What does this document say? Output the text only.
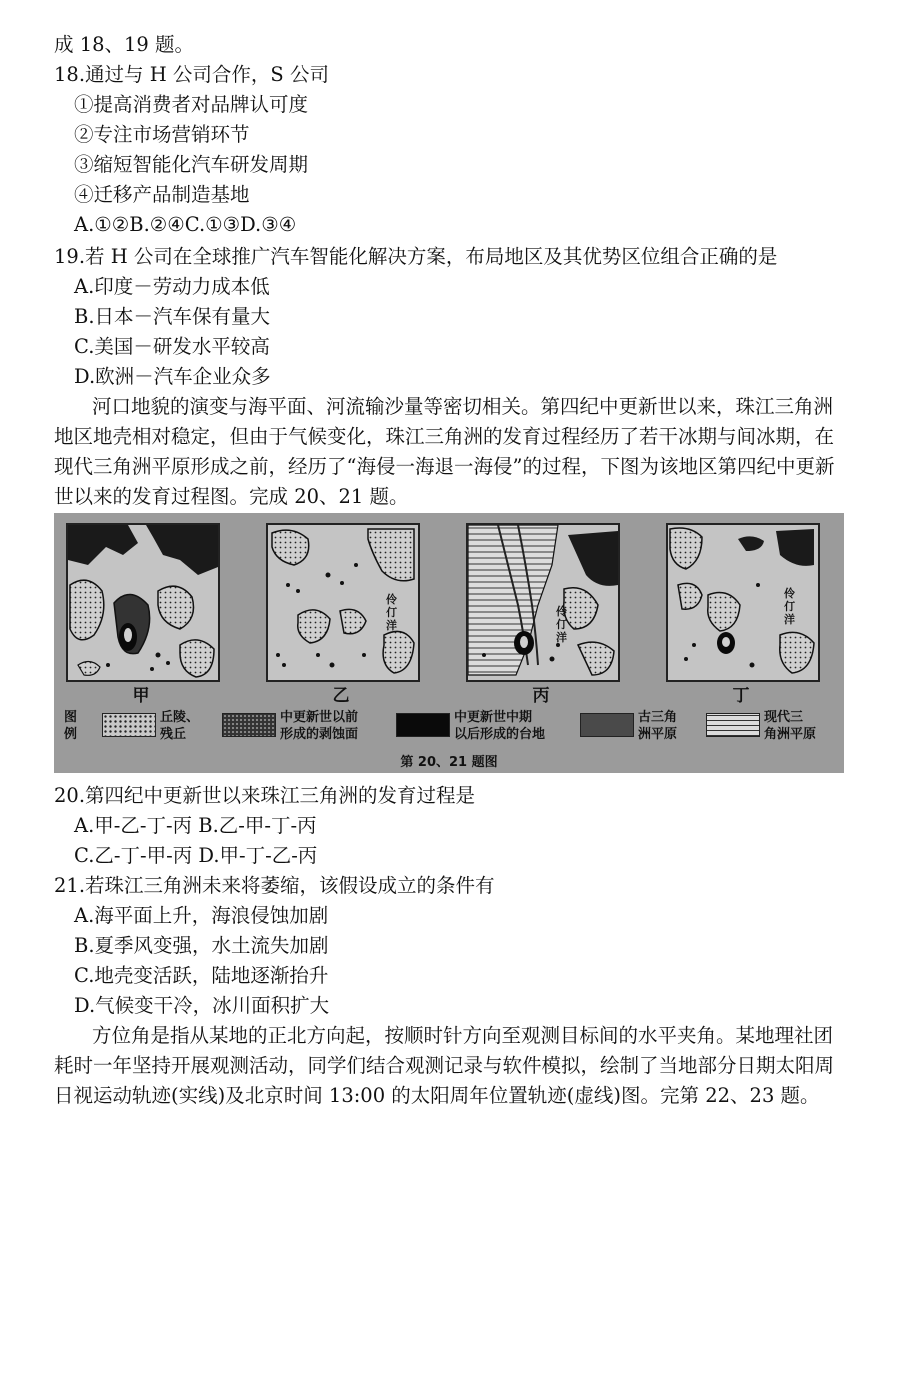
成 18、19 题。
18.通过与 H 公司合作，S 公司
①提高消费者对品牌认可度
②专注市场营销环节
③缩短智能化汽车研发周期
④迁移产品制造基地
A.①②B.②④C.①③D.③④
19.若 H 公司在全球推广汽车智能化解决方案，布局地区及其优势区位组合正确的是
A.印度－劳动力成本低
B.日本－汽车保有量大
C.美国－研发水平较高
D.欧洲－汽车企业众多
河口地貌的演变与海平面、河流输沙量等密切相关。第四纪中更新世以来，珠江三角洲
地区地壳相对稳定，但由于气候变化，珠江三角洲的发育过程经历了若干冰期与间冰期，在
现代三角洲平原形成之前，经历了“海侵一海退一海侵”的过程，下图为该地区第四纪中更新
世以来的发育过程图。完成 20、21 题。
甲
伶仃洋
乙
伶仃洋
丙
伶仃洋
丁
图
例
丘陵、
残丘
中更新世以前
形成的剥蚀面
中更新世中期
以后形成的台地
古三角
洲平原
现代三
角洲平原
第 20、21 题图
20.第四纪中更新世以来珠江三角洲的发育过程是
A.甲-乙-丁-丙 B.乙-甲-丁-丙
C.乙-丁-甲-丙 D.甲-丁-乙-丙
21.若珠江三角洲未来将萎缩，该假设成立的条件有
A.海平面上升，海浪侵蚀加剧
B.夏季风变强，水土流失加剧
C.地壳变活跃，陆地逐渐抬升
D.气候变干冷，冰川面积扩大
方位角是指从某地的正北方向起，按顺时针方向至观测目标间的水平夹角。某地理社团
耗时一年坚持开展观测活动，同学们结合观测记录与软件模拟，绘制了当地部分日期太阳周
日视运动轨迹(实线)及北京时间 13:00 的太阳周年位置轨迹(虚线)图。完第 22、23 题。
